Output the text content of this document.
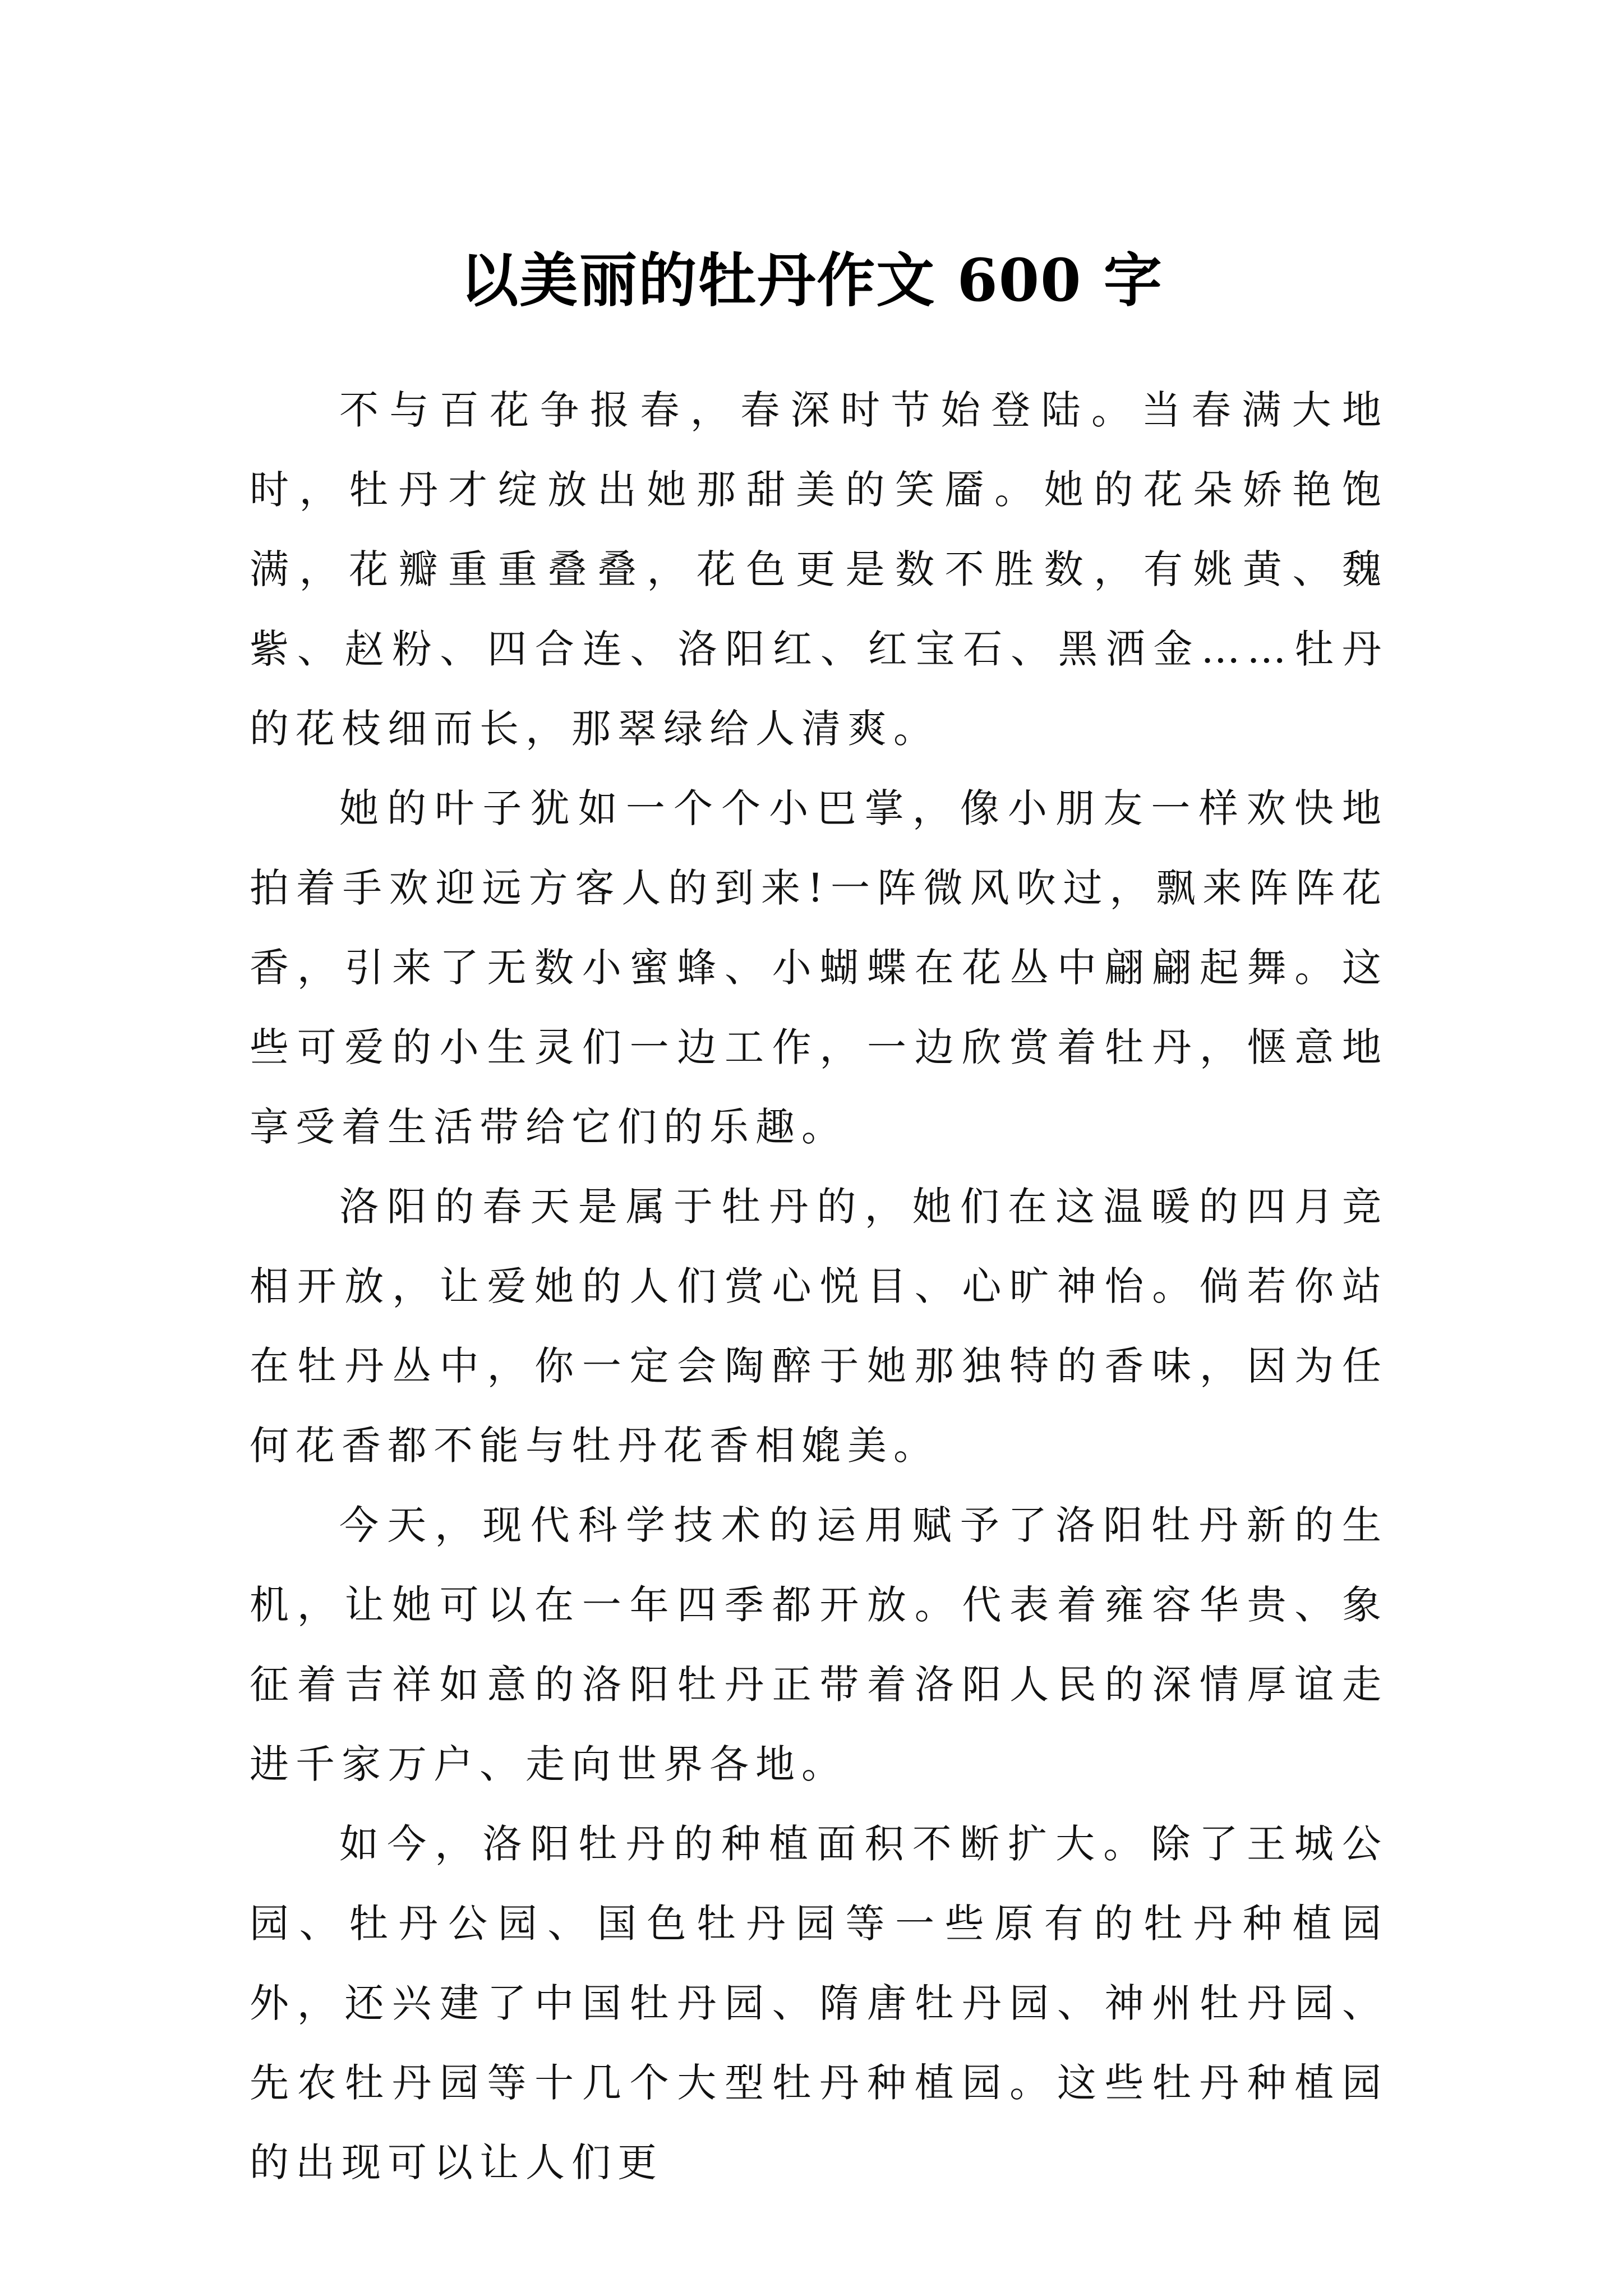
以美丽的牡丹作文 600 字

不与百花争报春，春深时节始登陆。当春满大地时，牡丹才绽放出她那甜美的笑靥。她的花朵娇艳饱满，花瓣重重叠叠，花色更是数不胜数，有姚黄、魏紫、赵粉、四合连、洛阳红、红宝石、黑洒金……牡丹的花枝细而长，那翠绿给人清爽。

她的叶子犹如一个个小巴掌，像小朋友一样欢快地拍着手欢迎远方客人的到来!一阵微风吹过，飘来阵阵花香，引来了无数小蜜蜂、小蝴蝶在花丛中翩翩起舞。这些可爱的小生灵们一边工作，一边欣赏着牡丹，惬意地享受着生活带给它们的乐趣。

洛阳的春天是属于牡丹的，她们在这温暖的四月竞相开放，让爱她的人们赏心悦目、心旷神怡。倘若你站在牡丹丛中，你一定会陶醉于她那独特的香味，因为任何花香都不能与牡丹花香相媲美。

今天，现代科学技术的运用赋予了洛阳牡丹新的生机，让她可以在一年四季都开放。代表着雍容华贵、象征着吉祥如意的洛阳牡丹正带着洛阳人民的深情厚谊走进千家万户、走向世界各地。

如今，洛阳牡丹的种植面积不断扩大。除了王城公园、牡丹公园、国色牡丹园等一些原有的牡丹种植园外，还兴建了中国牡丹园、隋唐牡丹园、神州牡丹园、先农牡丹园等十几个大型牡丹种植园。这些牡丹种植园的出现可以让人们更
